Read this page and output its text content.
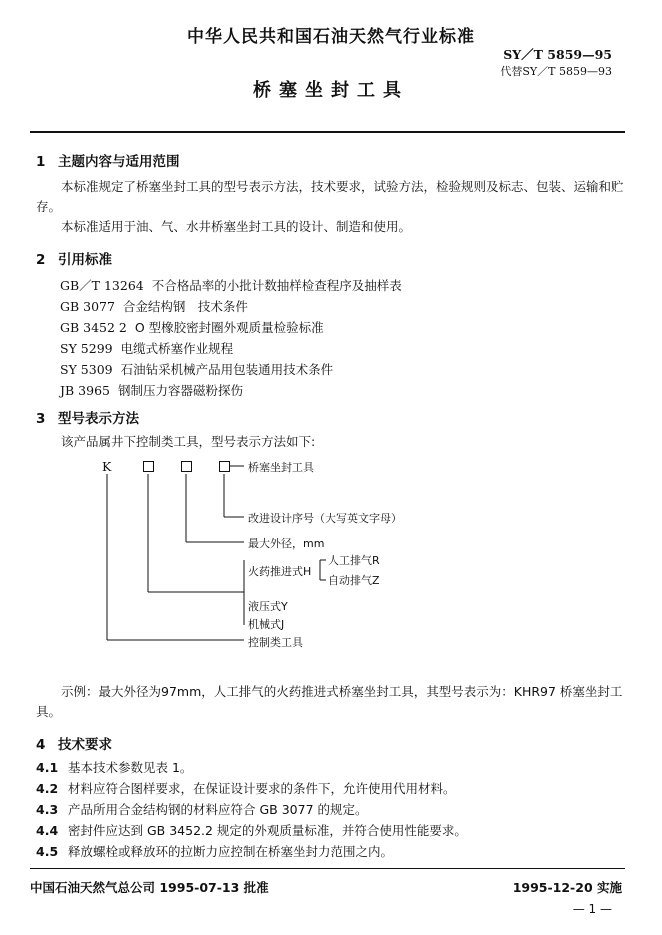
中华人民共和国石油天然气行业标准
SY／T 5859—95
代替SY／T 5859—93
桥塞坐封工具
1 主题内容与适用范围
本标准规定了桥塞坐封工具的型号表示方法，技术要求，试验方法，检验规则及标志、包装、运输和贮存。
本标准适用于油、气、水井桥塞坐封工具的设计、制造和使用。
2 引用标准
GB／T 13264 不合格品率的小批计数抽样检查程序及抽样表
GB 3077 合金结构钢　技术条件
GB 3452 2 O 型橡胶密封圈外观质量检验标准
SY 5299 电缆式桥塞作业规程
SY 5309 石油钻采机械产品用包装通用技术条件
JB 3965 钢制压力容器磁粉探伤
3 型号表示方法
该产品属井下控制类工具，型号表示方法如下:
K	桥塞坐封工具
改进设计序号（大写英文字母）
最大外径，mm
火药推进式H
人工排气R
自动排气Z
液压式Y
机械式J
控制类工具
示例：最大外径为97mm，人工排气的火药推进式桥塞坐封工具，其型号表示为：KHR97 桥塞坐封工具。
4 技术要求
4.1 基本技术参数见表 1。
4.2 材料应符合图样要求，在保证设计要求的条件下，允许使用代用材料。
4.3 产品所用合金结构钢的材料应符合 GB 3077 的规定。
4.4 密封件应达到 GB 3452.2 规定的外观质量标准，并符合使用性能要求。
4.5 释放螺栓或释放环的拉断力应控制在桥塞坐封力范围之内。
中国石油天然气总公司 1995-07-13 批准	1995-12-20 实施
— 1 —
